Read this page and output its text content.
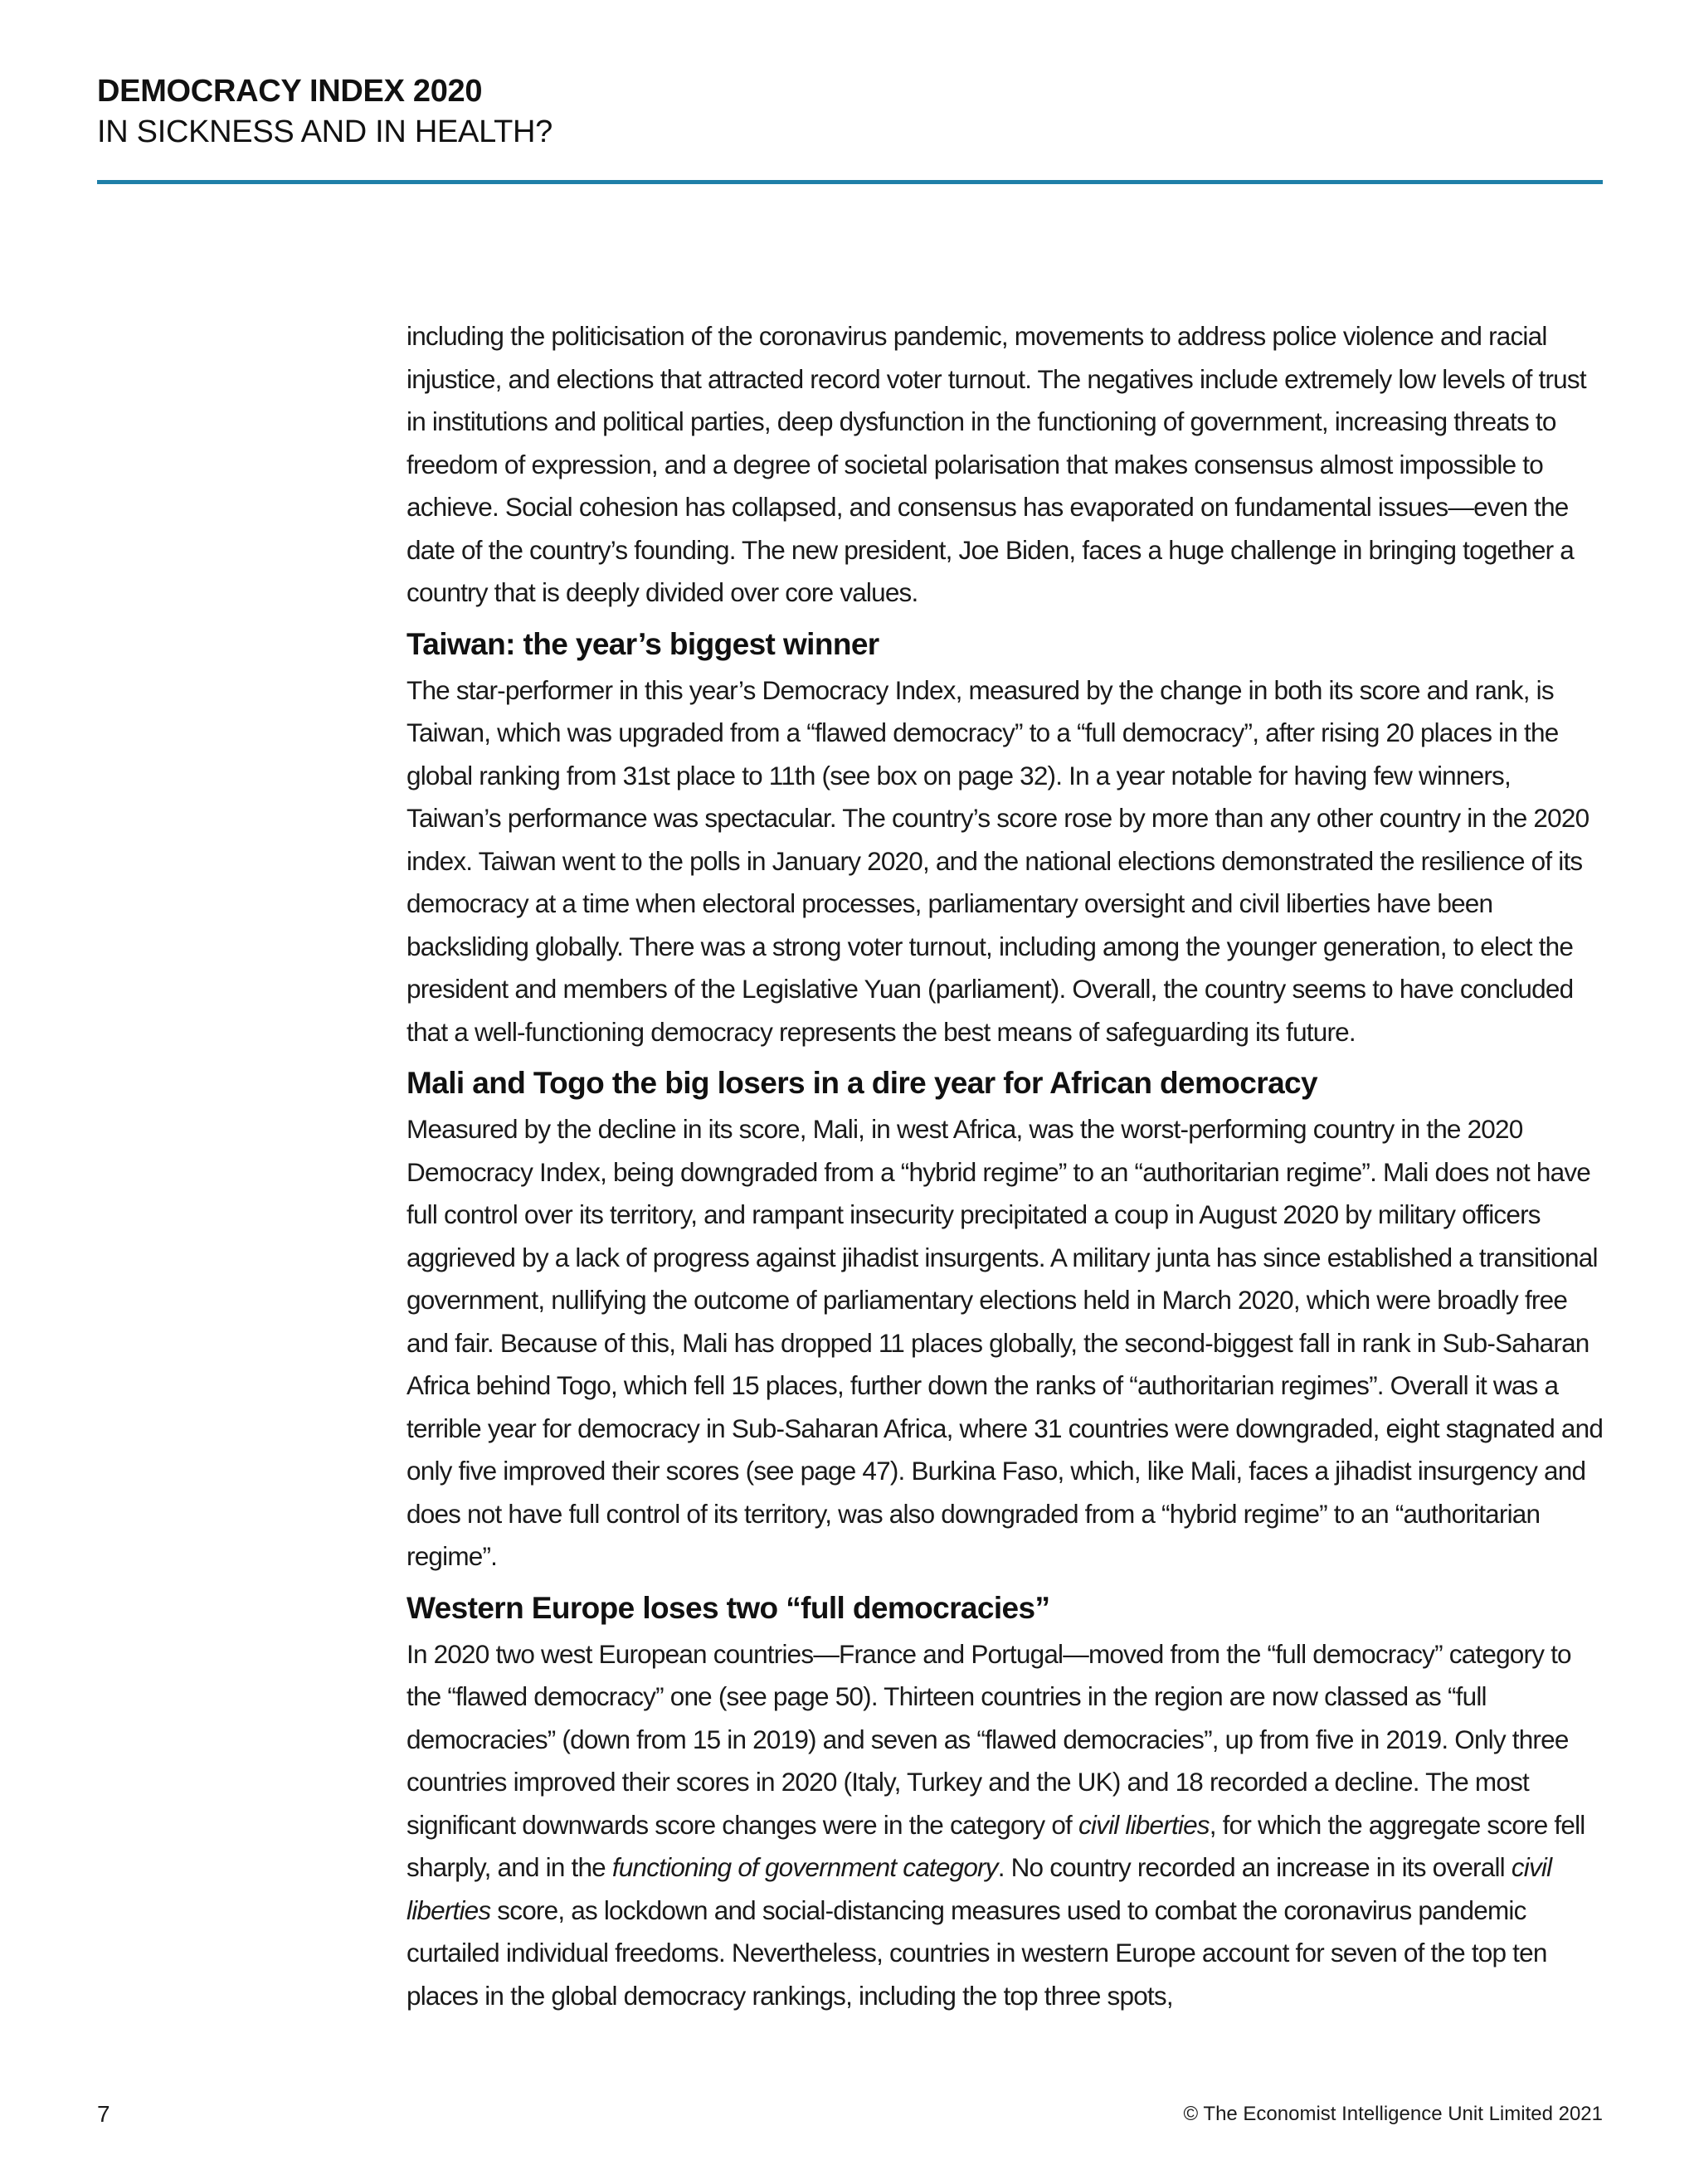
DEMOCRACY INDEX 2020
IN SICKNESS AND IN HEALTH?

including the politicisation of the coronavirus pandemic, movements to address police violence and racial injustice, and elections that attracted record voter turnout. The negatives include extremely low levels of trust in institutions and political parties, deep dysfunction in the functioning of government, increasing threats to freedom of expression, and a degree of societal polarisation that makes consensus almost impossible to achieve. Social cohesion has collapsed, and consensus has evaporated on fundamental issues—even the date of the country’s founding. The new president, Joe Biden, faces a huge challenge in bringing together a country that is deeply divided over core values.

Taiwan: the year’s biggest winner

The star-performer in this year’s Democracy Index, measured by the change in both its score and rank, is Taiwan, which was upgraded from a “flawed democracy” to a “full democracy”, after rising 20 places in the global ranking from 31st place to 11th (see box on page 32). In a year notable for having few winners, Taiwan’s performance was spectacular. The country’s score rose by more than any other country in the 2020 index. Taiwan went to the polls in January 2020, and the national elections demonstrated the resilience of its democracy at a time when electoral processes, parliamentary oversight and civil liberties have been backsliding globally. There was a strong voter turnout, including among the younger generation, to elect the president and members of the Legislative Yuan (parliament). Overall, the country seems to have concluded that a well-functioning democracy represents the best means of safeguarding its future.

Mali and Togo the big losers in a dire year for African democracy

Measured by the decline in its score, Mali, in west Africa, was the worst-performing country in the 2020 Democracy Index, being downgraded from a “hybrid regime” to an “authoritarian regime”. Mali does not have full control over its territory, and rampant insecurity precipitated a coup in August 2020 by military officers aggrieved by a lack of progress against jihadist insurgents. A military junta has since established a transitional government, nullifying the outcome of parliamentary elections held in March 2020, which were broadly free and fair. Because of this, Mali has dropped 11 places globally, the second-biggest fall in rank in Sub-Saharan Africa behind Togo, which fell 15 places, further down the ranks of “authoritarian regimes”. Overall it was a terrible year for democracy in Sub-Saharan Africa, where 31 countries were downgraded, eight stagnated and only five improved their scores (see page 47). Burkina Faso, which, like Mali, faces a jihadist insurgency and does not have full control of its territory, was also downgraded from a “hybrid regime” to an “authoritarian regime”.

Western Europe loses two “full democracies”

In 2020 two west European countries—France and Portugal—moved from the “full democracy” category to the “flawed democracy” one (see page 50). Thirteen countries in the region are now classed as “full democracies” (down from 15 in 2019) and seven as “flawed democracies”, up from five in 2019. Only three countries improved their scores in 2020 (Italy, Turkey and the UK) and 18 recorded a decline. The most significant downwards score changes were in the category of civil liberties, for which the aggregate score fell sharply, and in the functioning of government category. No country recorded an increase in its overall civil liberties score, as lockdown and social-distancing measures used to combat the coronavirus pandemic curtailed individual freedoms. Nevertheless, countries in western Europe account for seven of the top ten places in the global democracy rankings, including the top three spots,

7	© The Economist Intelligence Unit Limited 2021
